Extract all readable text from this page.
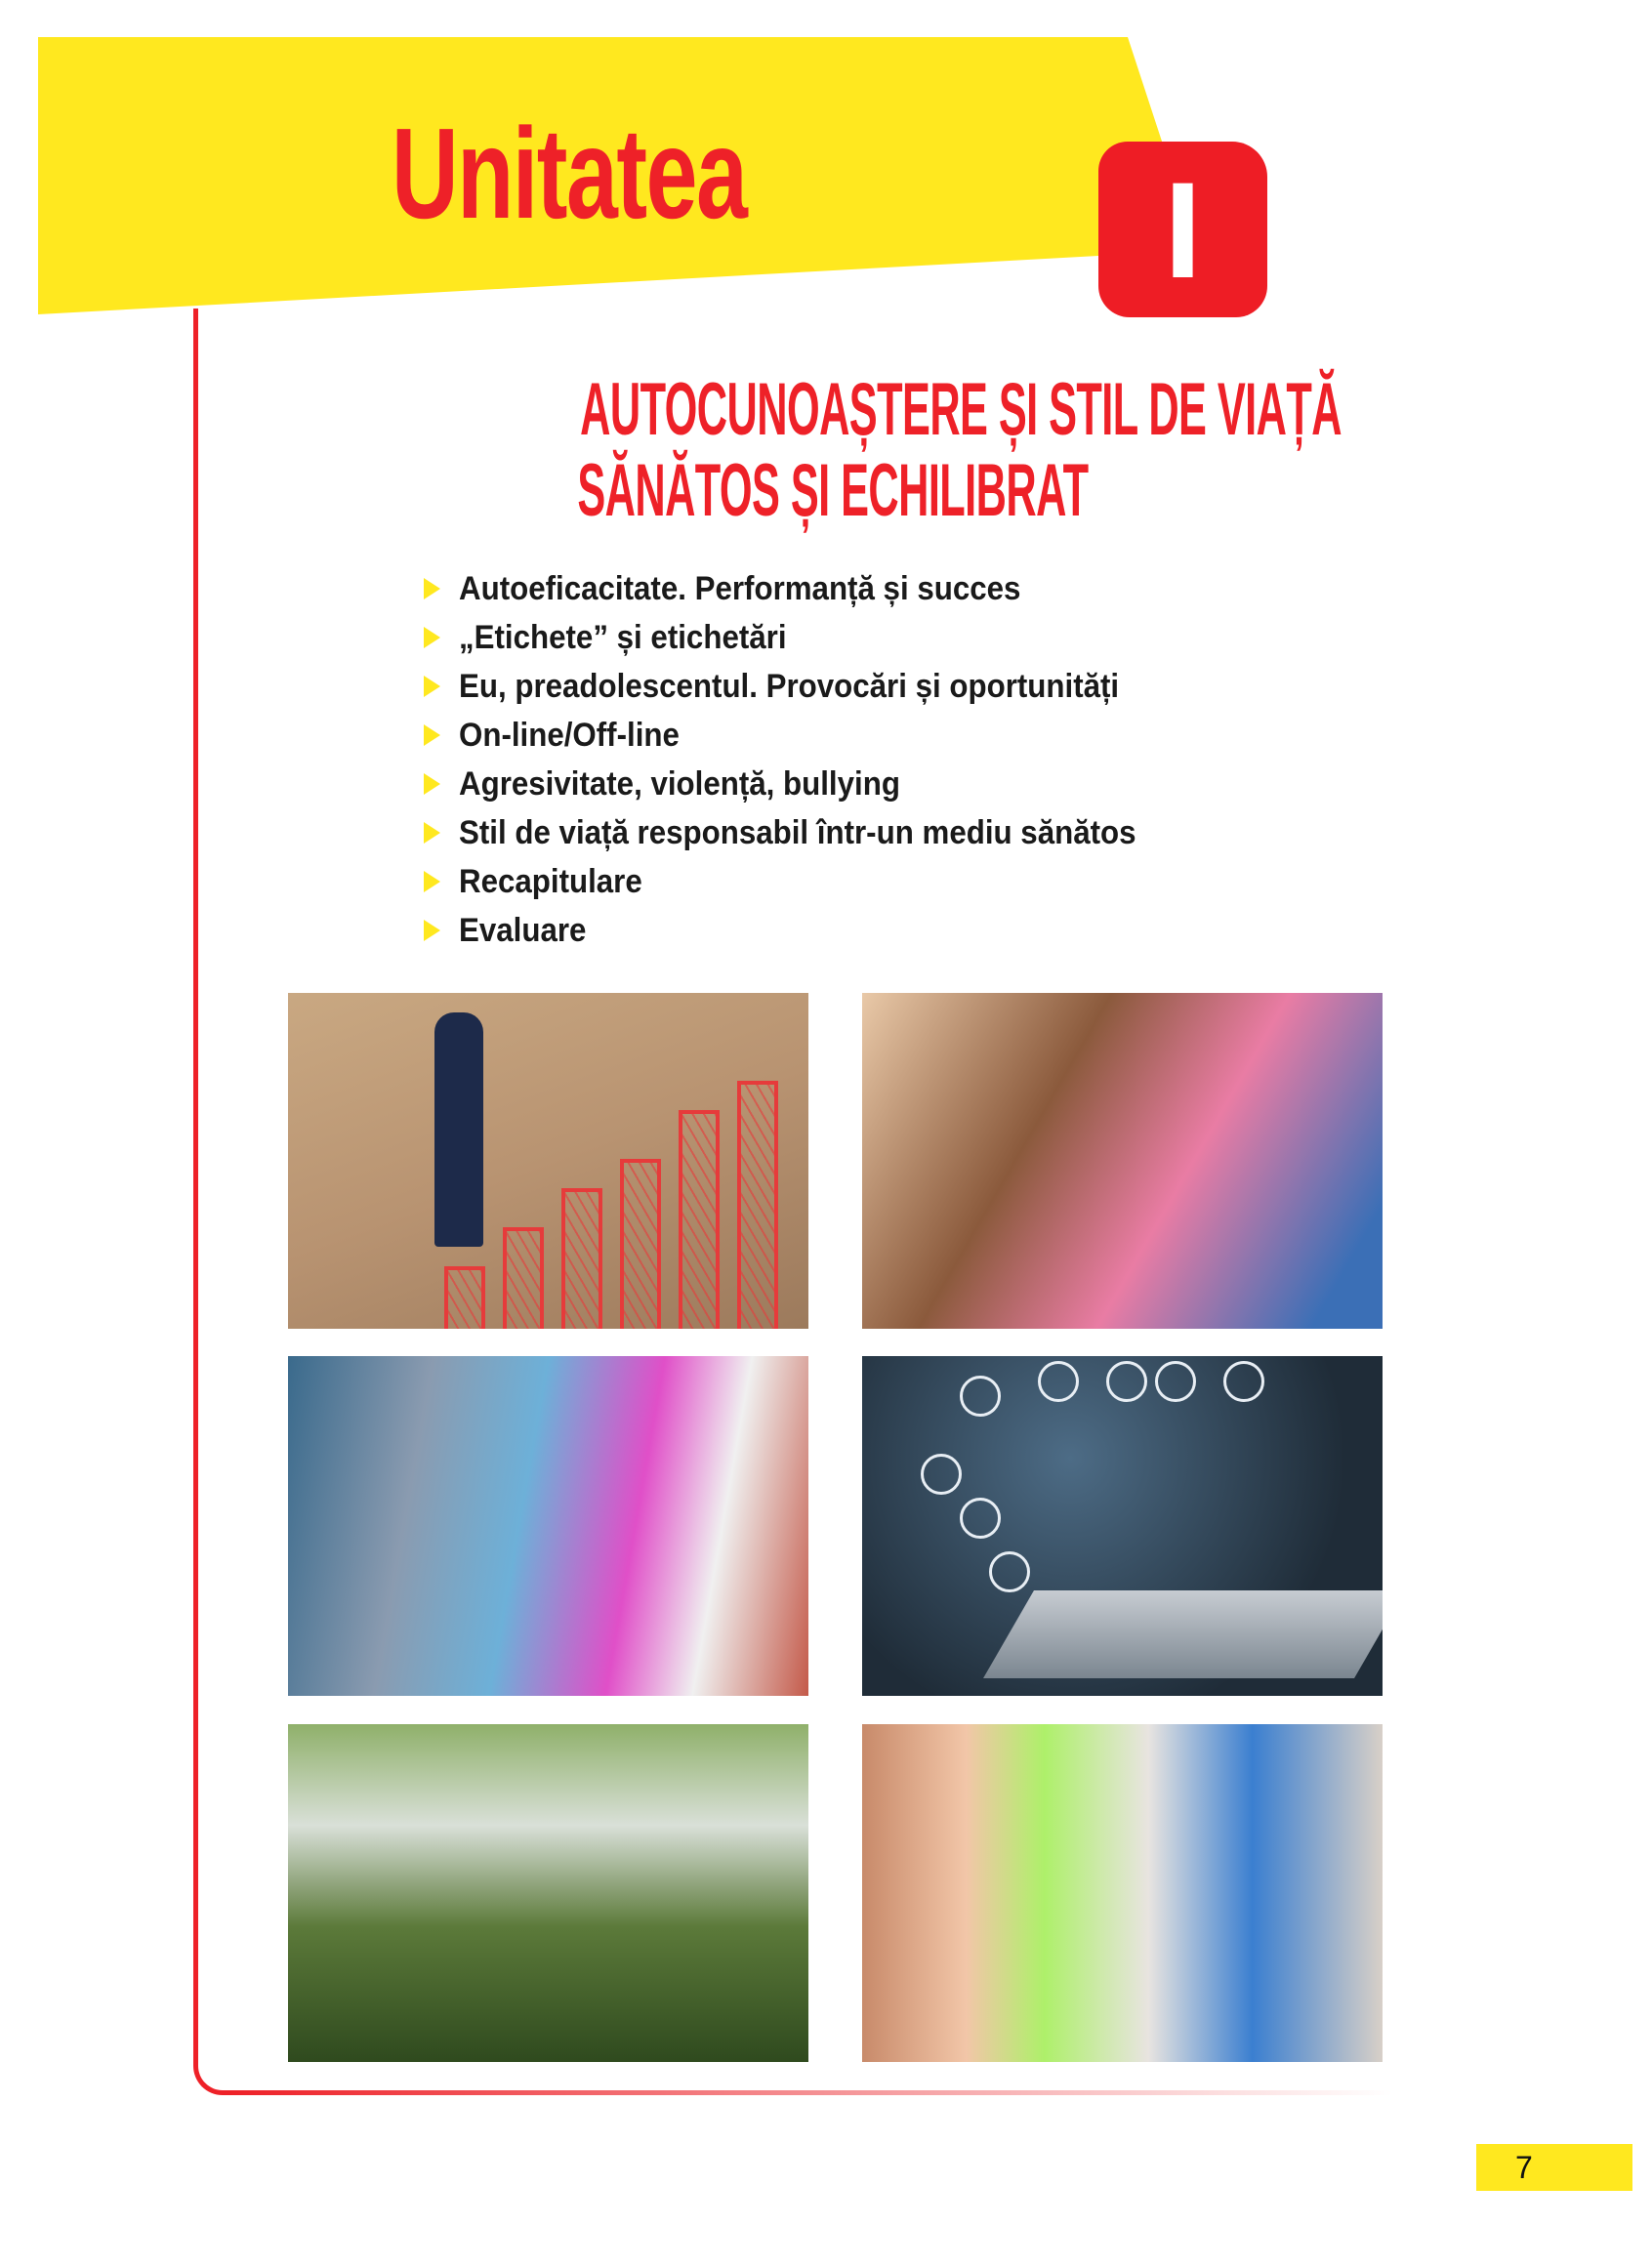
Unitatea	I
AUTOCUNOAȘTERE ȘI STIL DE VIAȚĂ
SĂNĂTOS ȘI ECHILIBRAT
Autoeficacitate. Performanță și succes
„Etichete” și etichetări
Eu, preadolescentul. Provocări și oportunități
On-line/Off-line
Agresivitate, violență, bullying
Stil de viață responsabil într-un mediu sănătos
Recapitulare
Evaluare
7
